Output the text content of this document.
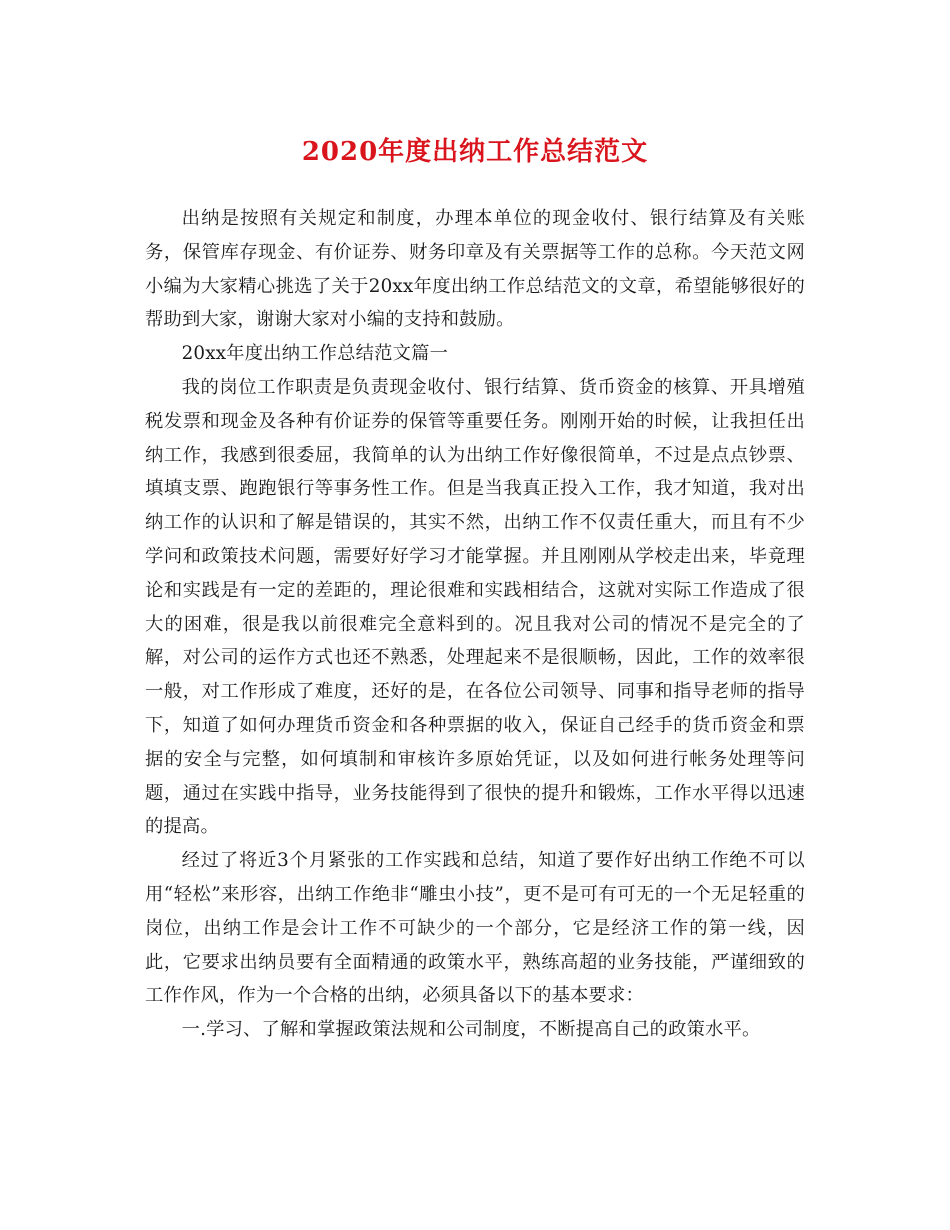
2020年度出纳工作总结范文

出纳是按照有关规定和制度，办理本单位的现金收付、银行结算及有关账务，保管库存现金、有价证券、财务印章及有关票据等工作的总称。今天范文网小编为大家精心挑选了关于20xx年度出纳工作总结范文的文章，希望能够很好的帮助到大家，谢谢大家对小编的支持和鼓励。

20xx年度出纳工作总结范文篇一

我的岗位工作职责是负责现金收付、银行结算、货币资金的核算、开具增殖税发票和现金及各种有价证券的保管等重要任务。刚刚开始的时候，让我担任出纳工作，我感到很委屈，我简单的认为出纳工作好像很简单，不过是点点钞票、填填支票、跑跑银行等事务性工作。但是当我真正投入工作，我才知道，我对出纳工作的认识和了解是错误的，其实不然，出纳工作不仅责任重大，而且有不少学问和政策技术问题，需要好好学习才能掌握。并且刚刚从学校走出来，毕竟理论和实践是有一定的差距的，理论很难和实践相结合，这就对实际工作造成了很大的困难，很是我以前很难完全意料到的。况且我对公司的情况不是完全的了解，对公司的运作方式也还不熟悉，处理起来不是很顺畅，因此，工作的效率很一般，对工作形成了难度，还好的是，在各位公司领导、同事和指导老师的指导下，知道了如何办理货币资金和各种票据的收入，保证自己经手的货币资金和票据的安全与完整，如何填制和审核许多原始凭证，以及如何进行帐务处理等问题，通过在实践中指导，业务技能得到了很快的提升和锻炼，工作水平得以迅速的提高。

经过了将近3个月紧张的工作实践和总结，知道了要作好出纳工作绝不可以用“轻松”来形容，出纳工作绝非“雕虫小技”，更不是可有可无的一个无足轻重的岗位，出纳工作是会计工作不可缺少的一个部分，它是经济工作的第一线，因此，它要求出纳员要有全面精通的政策水平，熟练高超的业务技能，严谨细致的工作作风，作为一个合格的出纳，必须具备以下的基本要求：

一.学习、了解和掌握政策法规和公司制度，不断提高自己的政策水平。
